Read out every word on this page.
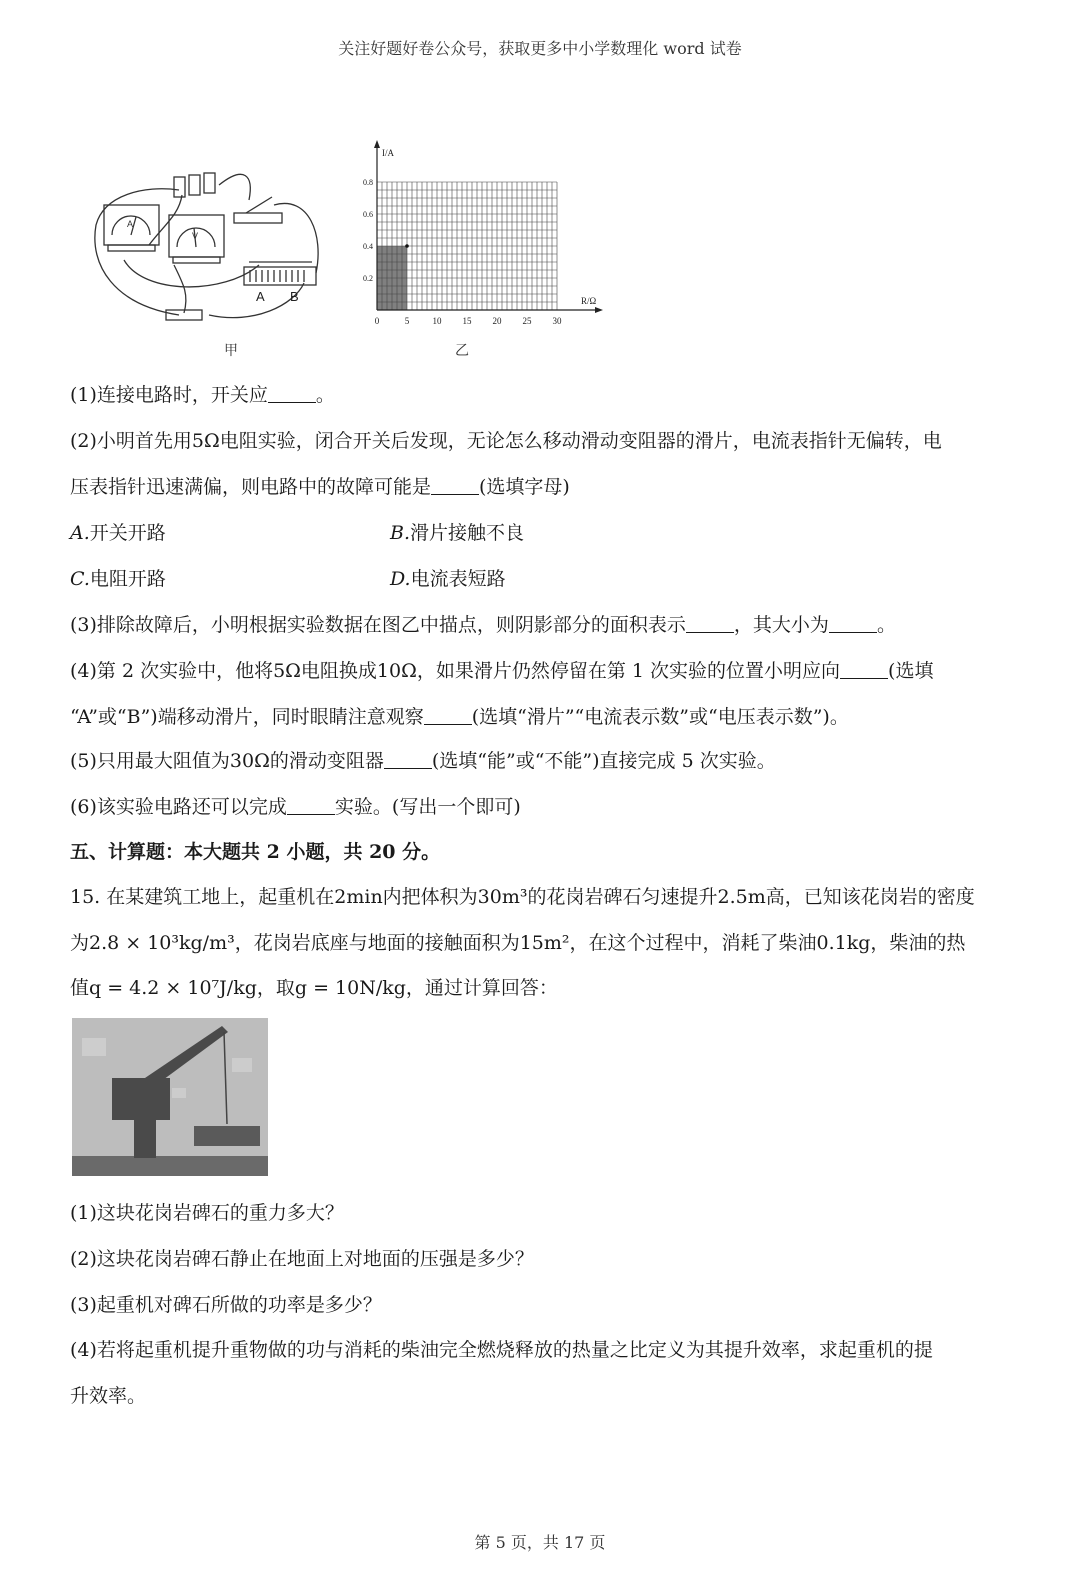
关注好题好卷公众号，获取更多中小学数理化 word 试卷
A
V
A B
甲
I/A
R/Ω
0	5	10 15 20 25 30
0.2
0.4
0.6
0.8
乙
(1)连接电路时，开关应	。
(2)小明首先用5Ω电阻实验，闭合开关后发现，无论怎么移动滑动变阻器的滑片，电流表指针无偏转，电
压表指针迅速满偏，则电路中的故障可能是	(选填字母)
A.开关开路	B.滑片接触不良
C.电阻开路	D.电流表短路
(3)排除故障后，小明根据实验数据在图乙中描点，则阴影部分的面积表示	，其大小为	。
(4)第 2 次实验中，他将5Ω电阻换成10Ω，如果滑片仍然停留在第 1 次实验的位置小明应向	(选填
“A”或“B”)端移动滑片，同时眼睛注意观察	(选填“滑片”“电流表示数”或“电压表示数”)。
(5)只用最大阻值为30Ω的滑动变阻器	(选填“能”或“不能”)直接完成 5 次实验。
(6)该实验电路还可以完成	实验。(写出一个即可)
五、计算题：本大题共 2 小题，共 20 分。
15. 在某建筑工地上，起重机在2min内把体积为30m³的花岗岩碑石匀速提升2.5m高，已知该花岗岩的密度
为2.8 × 10³kg/m³，花岗岩底座与地面的接触面积为15m²，在这个过程中，消耗了柴油0.1kg，柴油的热
值q = 4.2 × 10⁷J/kg，取g = 10N/kg，通过计算回答：
(1)这块花岗岩碑石的重力多大？
(2)这块花岗岩碑石静止在地面上对地面的压强是多少？
(3)起重机对碑石所做的功率是多少？
(4)若将起重机提升重物做的功与消耗的柴油完全燃烧释放的热量之比定义为其提升效率，求起重机的提
升效率。
第 5 页，共 17 页
